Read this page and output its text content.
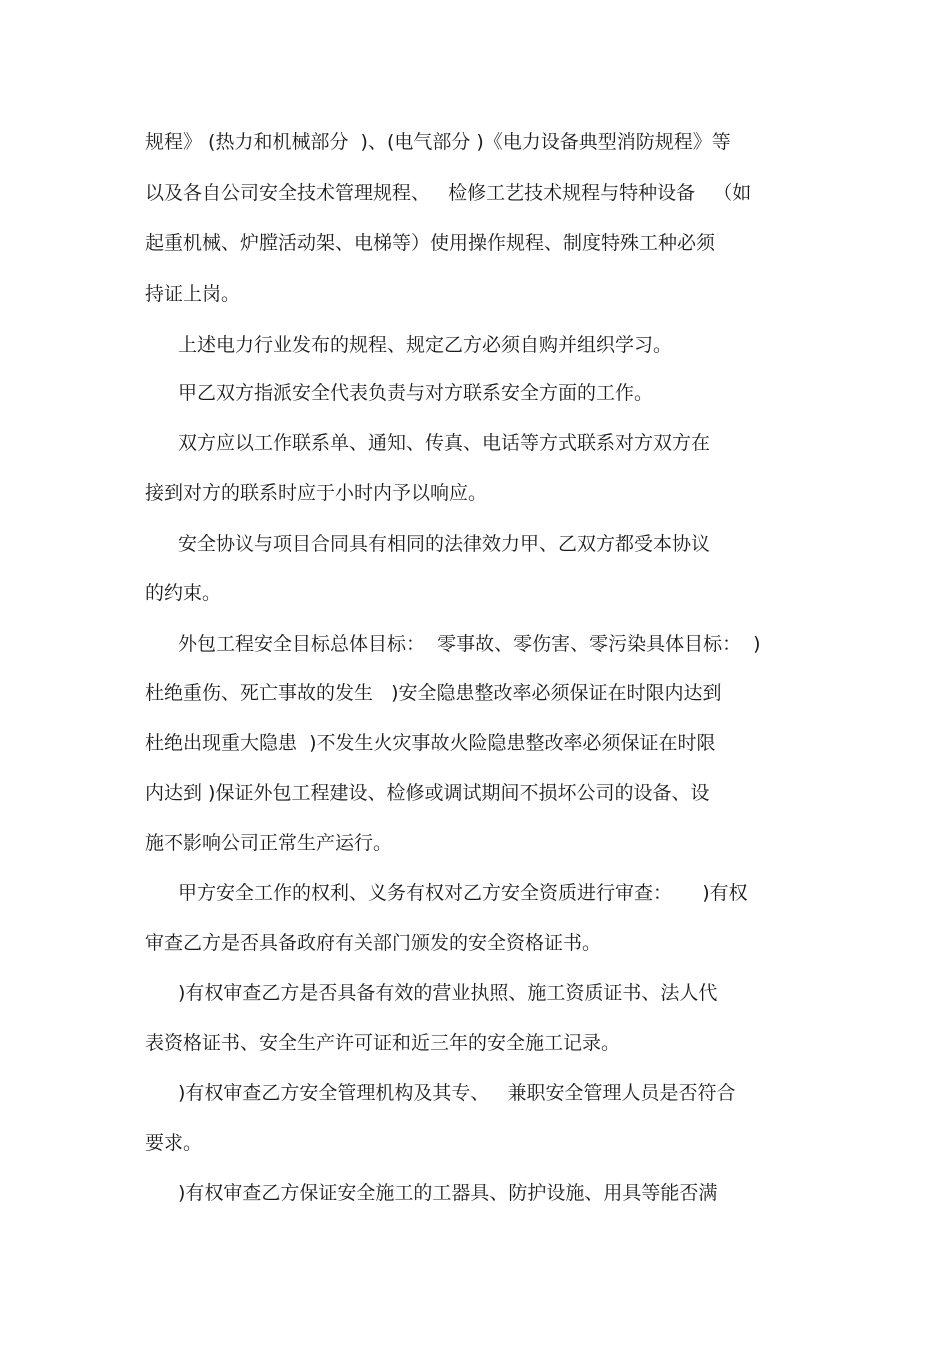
规程》 (热力和机械部分  )、(电气部分 )《电力设备典型消防规程》等
以及各自公司安全技术管理规程、   检修工艺技术规程与特种设备   （如
起重机械、炉膛活动架、电梯等）使用操作规程、制度特殊工种必须
持证上岗。
上述电力行业发布的规程、规定乙方必须自购并组织学习。
甲乙双方指派安全代表负责与对方联系安全方面的工作。
双方应以工作联系单、通知、传真、电话等方式联系对方双方在
接到对方的联系时应于小时内予以响应。
安全协议与项目合同具有相同的法律效力甲、乙双方都受本协议
的约束。
外包工程安全目标总体目标：  零事故、零伤害、零污染具体目标：  )
杜绝重伤、死亡事故的发生   )安全隐患整改率必须保证在时限内达到
杜绝出现重大隐患  )不发生火灾事故火险隐患整改率必须保证在时限
内达到 )保证外包工程建设、检修或调试期间不损坏公司的设备、设
施不影响公司正常生产运行。
甲方安全工作的权利、义务有权对乙方安全资质进行审查：     )有权
审查乙方是否具备政府有关部门颁发的安全资格证书。
)有权审查乙方是否具备有效的营业执照、施工资质证书、法人代
表资格证书、安全生产许可证和近三年的安全施工记录。
)有权审查乙方安全管理机构及其专、   兼职安全管理人员是否符合
要求。
)有权审查乙方保证安全施工的工器具、防护设施、用具等能否满
